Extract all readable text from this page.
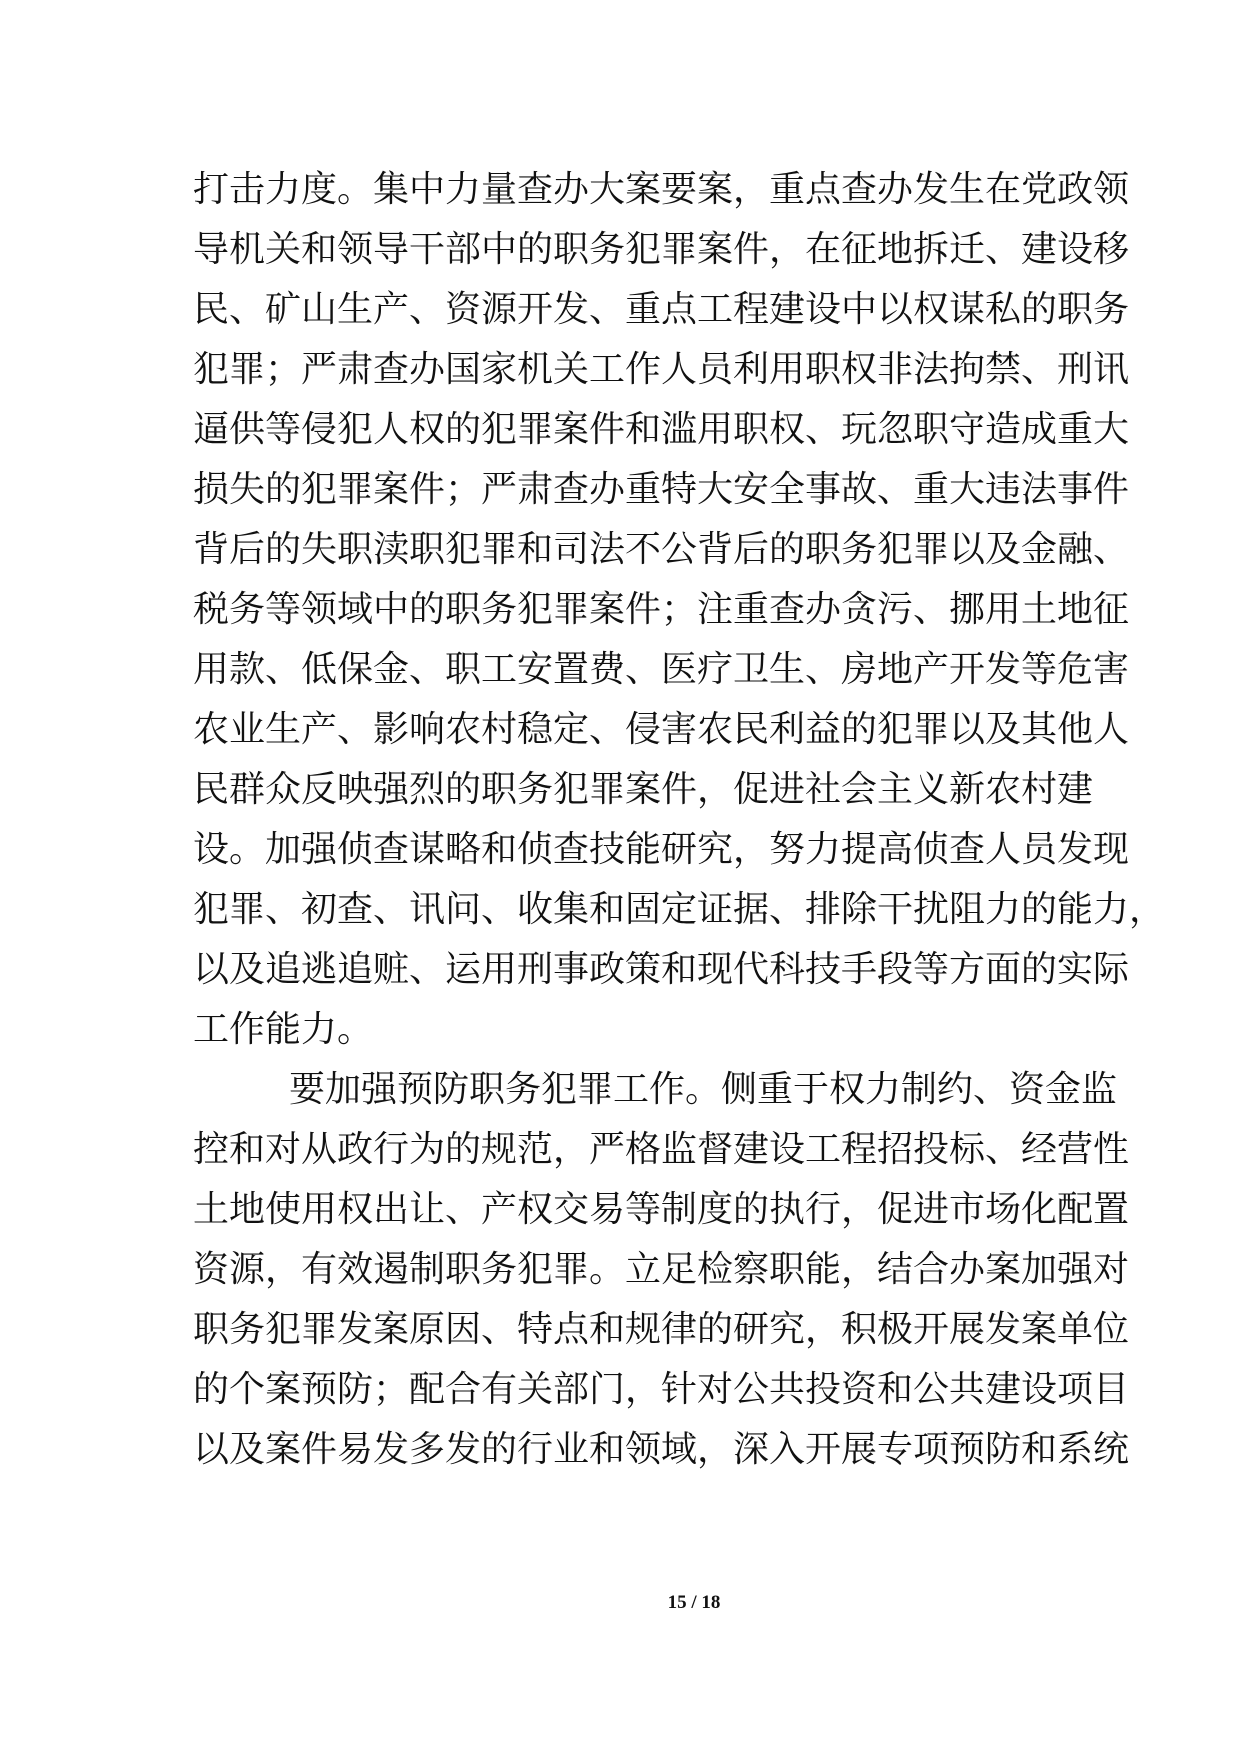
打击力度。集中力量查办大案要案，重点查办发生在党政领

导机关和领导干部中的职务犯罪案件，在征地拆迁、建设移

民、矿山生产、资源开发、重点工程建设中以权谋私的职务

犯罪；严肃查办国家机关工作人员利用职权非法拘禁、刑讯

逼供等侵犯人权的犯罪案件和滥用职权、玩忽职守造成重大

损失的犯罪案件；严肃查办重特大安全事故、重大违法事件

背后的失职渎职犯罪和司法不公背后的职务犯罪以及金融、

税务等领域中的职务犯罪案件；注重查办贪污、挪用土地征

用款、低保金、职工安置费、医疗卫生、房地产开发等危害

农业生产、影响农村稳定、侵害农民利益的犯罪以及其他人

民群众反映强烈的职务犯罪案件，促进社会主义新农村建

设。加强侦查谋略和侦查技能研究，努力提高侦查人员发现

犯罪、初查、讯问、收集和固定证据、排除干扰阻力的能力，

以及追逃追赃、运用刑事政策和现代科技手段等方面的实际

工作能力。

要加强预防职务犯罪工作。侧重于权力制约、资金监

控和对从政行为的规范，严格监督建设工程招投标、经营性

土地使用权出让、产权交易等制度的执行，促进市场化配置

资源，有效遏制职务犯罪。立足检察职能，结合办案加强对

职务犯罪发案原因、特点和规律的研究，积极开展发案单位

的个案预防；配合有关部门，针对公共投资和公共建设项目

以及案件易发多发的行业和领域，深入开展专项预防和系统

15 / 18
